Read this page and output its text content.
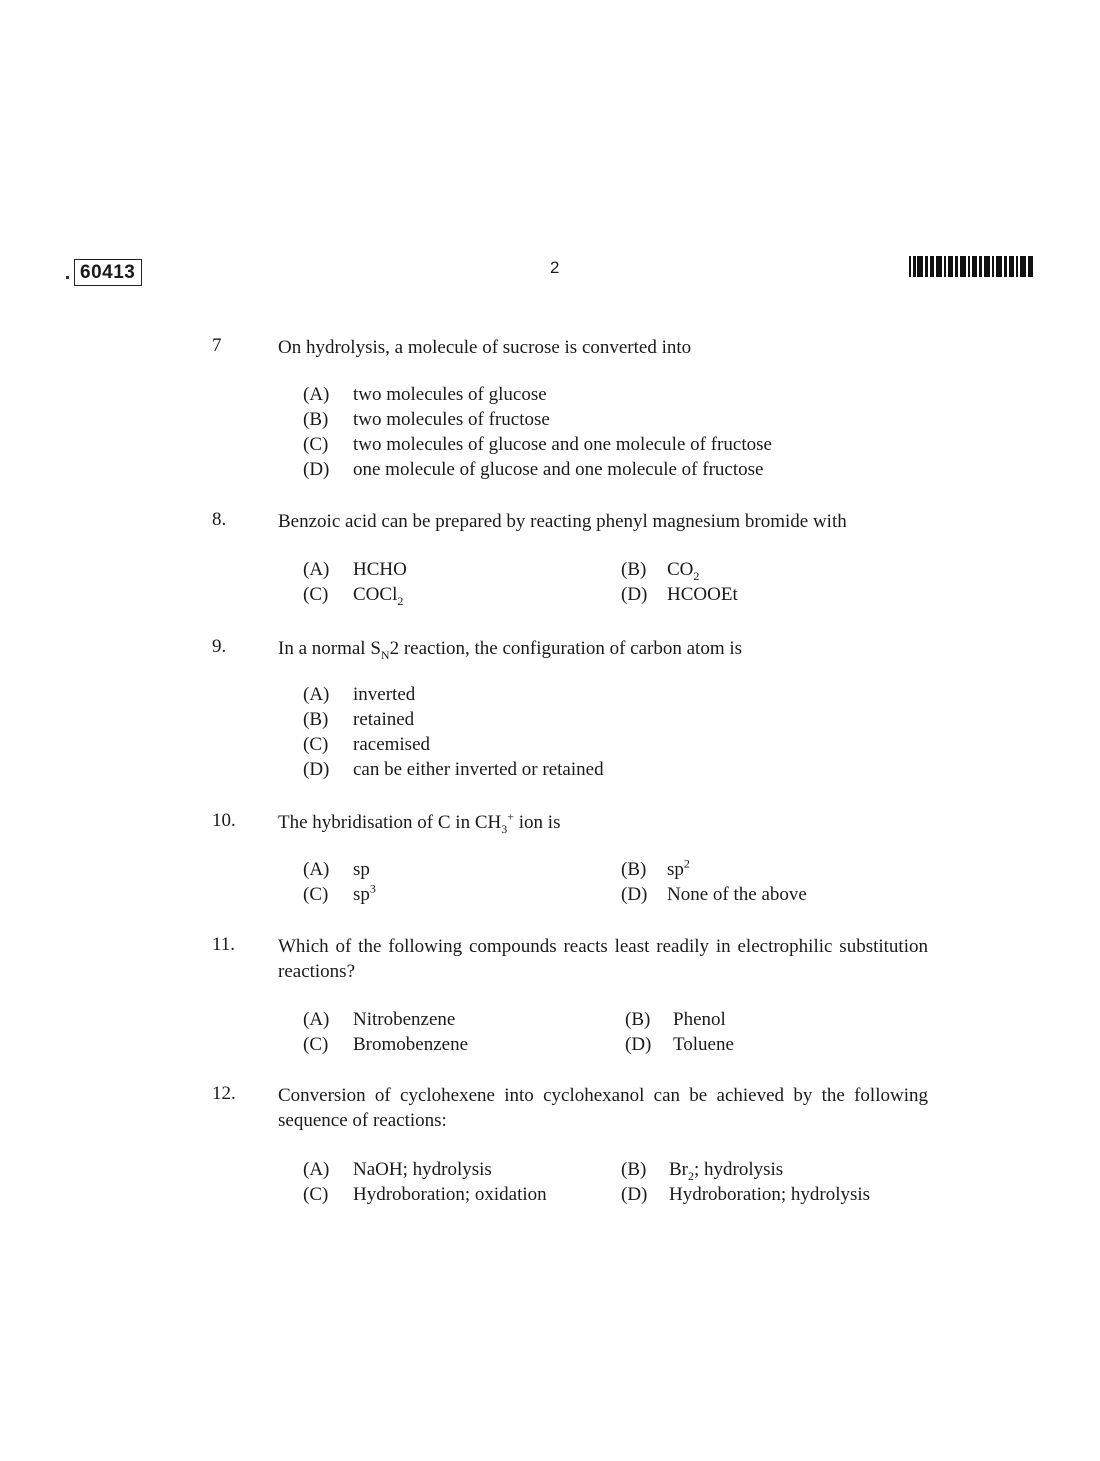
60413	2
7	On hydrolysis, a molecule of sucrose is converted into
(A) two molecules of glucose
(B) two molecules of fructose
(C) two molecules of glucose and one molecule of fructose
(D) one molecule of glucose and one molecule of fructose
8.	Benzoic acid can be prepared by reacting phenyl magnesium bromide with
(A) HCHO	(B) $CO_2$
(C) COCl$_2$	(D) HCOOEt
9.	In a normal $S_N2$ reaction, the configuration of carbon atom is
(A) inverted
(B) retained
(C) racemised
(D) can be either inverted or retained
10. The hybridisation of C in $CH_3^+$ ion is
(A) sp	(B) $sp^2$
(C) $sp^3$	(D) None of the above
11. Which of the following compounds reacts least readily in electrophilic substitution reactions?
(A) Nitrobenzene	(B) Phenol
(C) Bromobenzene	(D) Toluene
12. Conversion of cyclohexene into cyclohexanol can be achieved by the following sequence of reactions:
(A) NaOH; hydrolysis	(B) $Br_2$; hydrolysis
(C) Hydroboration; oxidation	(D) Hydroboration; hydrolysis
